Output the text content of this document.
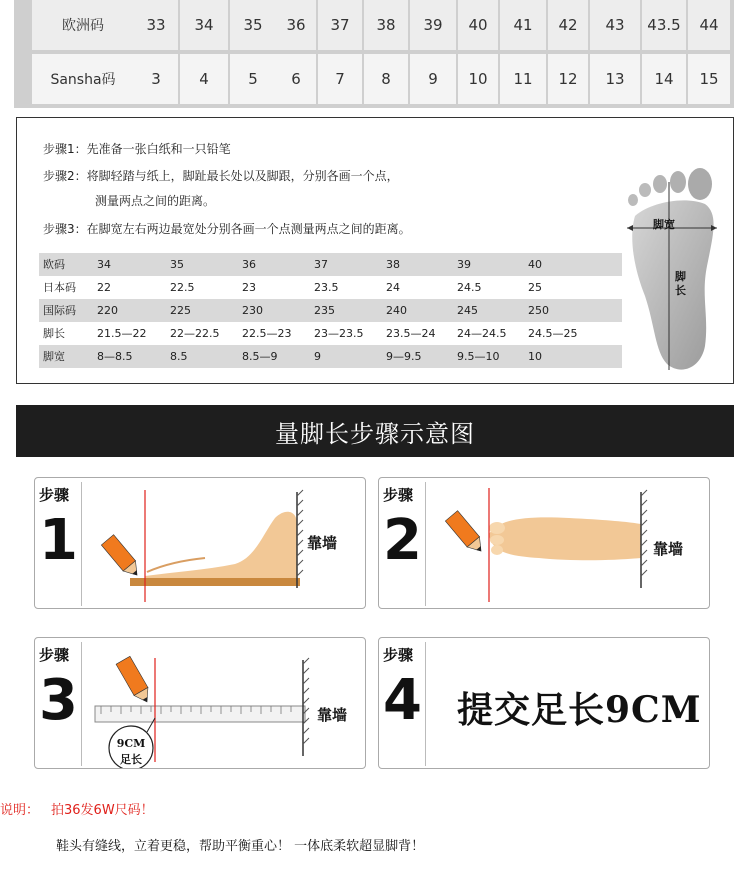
欧洲码	33	34	35	36	37	38	39	40	41	42	43	43.5	44
Sansha码	3	4	5	6	7	8	9	10	11	12	13	14	15
步骤1：先准备一张白纸和一只铅笔
步骤2：将脚轻踏与纸上，脚趾最长处以及脚跟，分别各画一个点，
测量两点之间的距离。
步骤3：在脚宽左右两边最宽处分别各画一个点测量两点之间的距离。
欧码	34	35	36	37	38	39	40
日本码 22	22.5	23	23.5	24	24.5	25
国际码 220	225	230	235	240	245	250
脚长	21.5—22 22—22.5 22.5—23 23—23.5 23.5—24 24—24.5 24.5—25
脚宽	8—8.5	8.5	8.5—9	9	9—9.5	9.5—10	10
脚宽
脚长
量脚长步骤示意图
步骤
1	靠墙
步骤
2	靠墙
步骤
3
9CM
足长
靠墙
步骤
4 提交足长9CM
说明： 拍36发6W尺码！
鞋头有缝线，立着更稳，帮助平衡重心！ 一体底柔软超显脚背！
